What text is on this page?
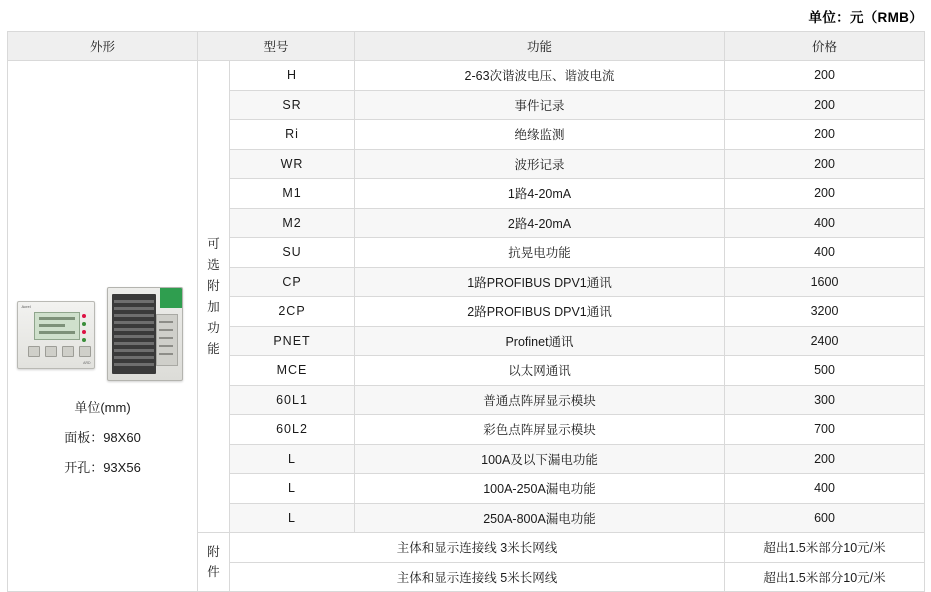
单位：元（RMB）
外形	型号		功能	价格

Acrel
ARD
单位(mm)
面板：98X60
开孔：93X56

可
选
附
加
功
能
	H	2-63次谐波电压、谐波电流	200
		SR	事件记录	200
		Ri	绝缘监测	200
		WR	波形记录	200
		M1	1路4-20mA	200
		M2	2路4-20mA	400
		SU	抗晃电功能	400
		CP	1路PROFIBUS DPV1通讯	1600
		2CP	2路PROFIBUS DPV1通讯	3200
		PNET	Profinet通讯	2400
		MCE	以太网通讯	500
		60L1	普通点阵屏显示模块	300
		60L2	彩色点阵屏显示模块	700
		L	100A及以下漏电功能	200
		L	100A-250A漏电功能	400
		L	250A-800A漏电功能	600

	附
件	主体和显示连接线 3米长网线		超出1.5米部分10元/米
		主体和显示连接线 5米长网线		超出1.5米部分10元/米
